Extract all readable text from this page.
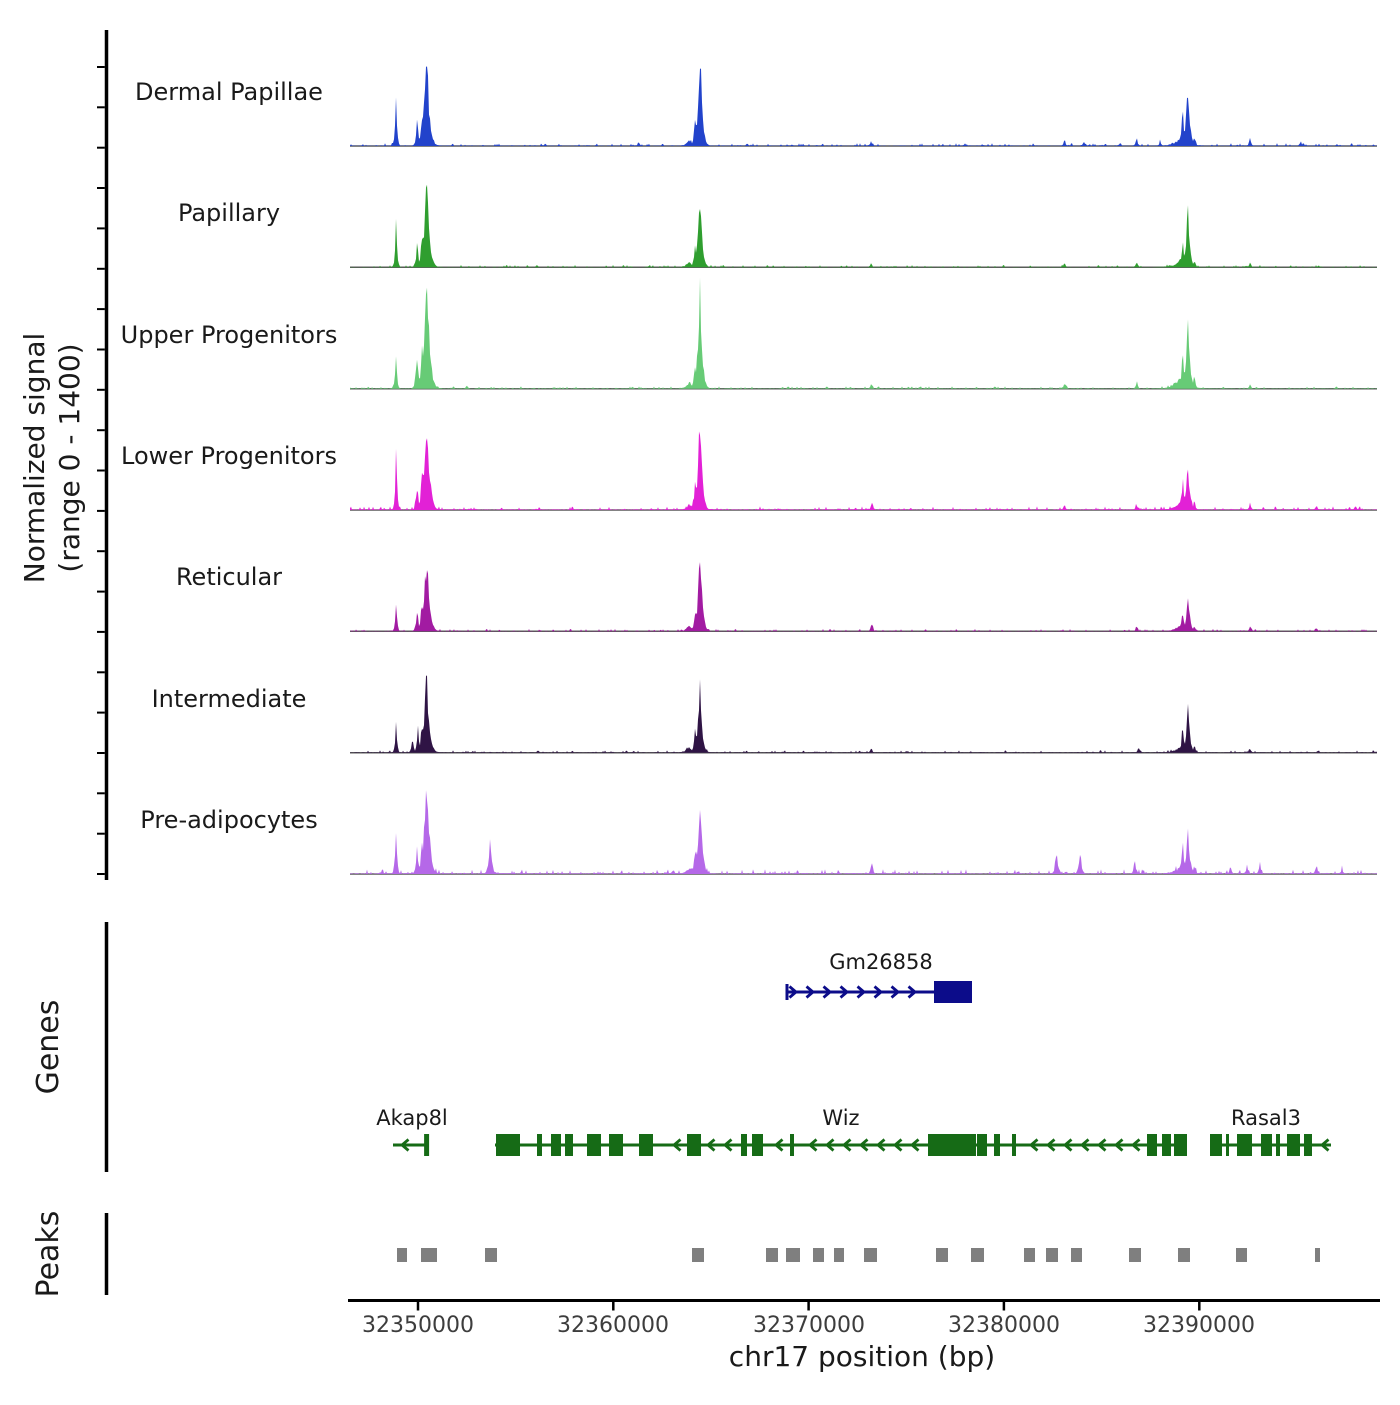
Normalized signal (range 0 - 1400)
Dermal Papillae
Papillary
Upper Progenitors
Lower Progenitors
Reticular
Intermediate
Pre-adipocytes
Genes
Peaks
Gm26858
Akap8l	Wiz	Rasal3
32350000	32360000	32370000	32380000	32390000
chr17 position (bp)
